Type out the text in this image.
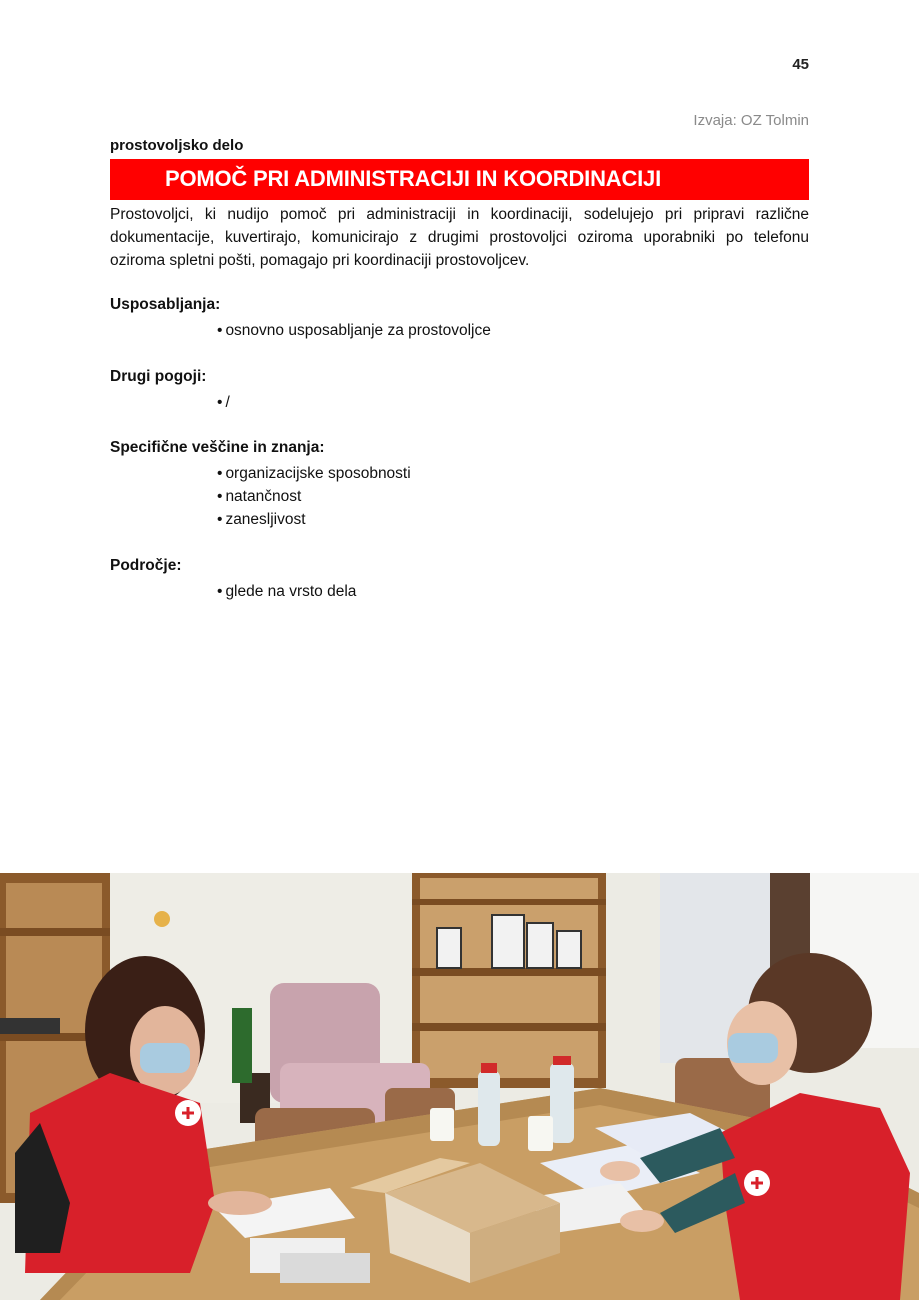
45
Izvaja: OZ Tolmin
prostovoljsko delo
POMOČ PRI ADMINISTRACIJI IN KOORDINACIJI

Prostovoljci, ki nudijo pomoč pri administraciji in koordinaciji, sodelujejo pri pripravi različne dokumentacije, kuvertirajo, komunicirajo z drugimi prostovoljci oziroma uporabniki po telefonu oziroma spletni pošti, pomagajo pri koordinaciji prostovoljcev.

Usposabljanja:

• osnovno usposabljanje za prostovoljce

Drugi pogoji:

• /

Specifične veščine in znanja:

• organizacijske sposobnosti
• natančnost
• zanesljivost

Področje:

• glede na vrsto dela
